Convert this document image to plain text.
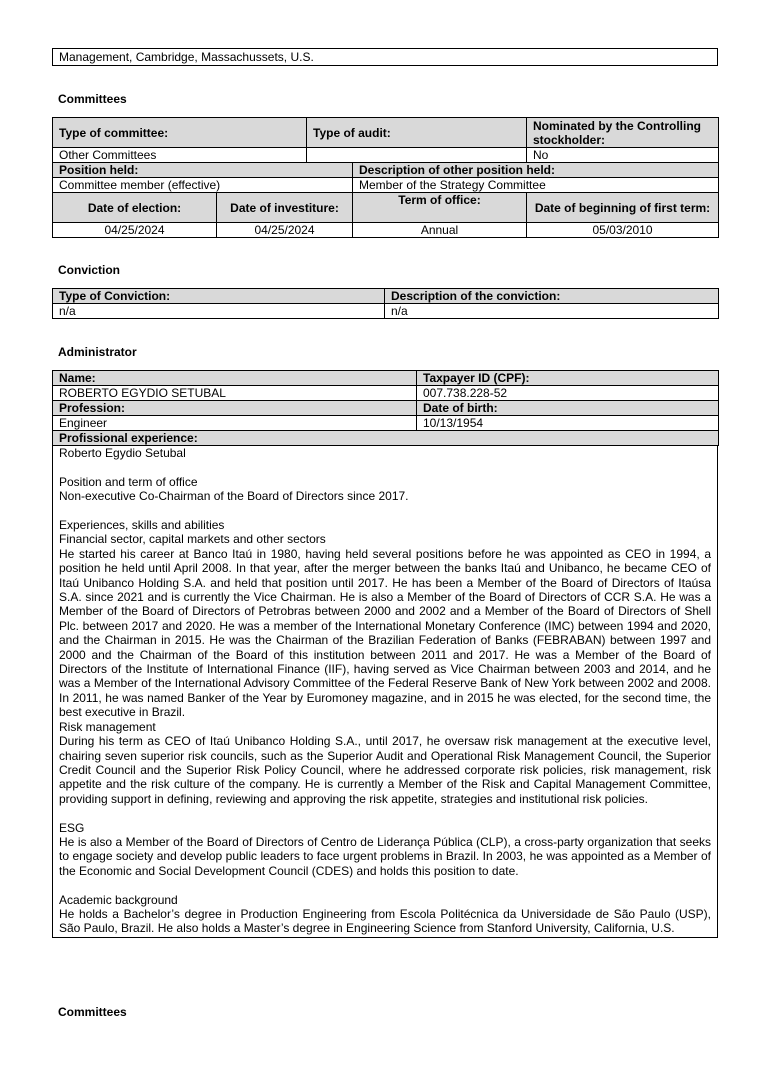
Management, Cambridge, Massachussets, U.S.
Committees
Type of committee:		Type of audit:		Nominated by the Controlling stockholder:
Other Committees				No
Position held:			Description of other position held:	
Committee member (effective)			Member of the Strategy Committee	
Date of election:	Date of investiture:		Term of office:	Date of beginning of first term:
04/25/2024	04/25/2024		Annual	05/03/2010
Conviction
Type of Conviction:	Description of the conviction:
n/a	n/a
Administrator
Name:	Taxpayer ID (CPF):
ROBERTO EGYDIO SETUBAL	007.738.228-52
Profession:	Date of birth:
Engineer	10/13/1954
Profissional experience:	

Roberto Egydio Setubal

Position and term of office

Non-executive Co-Chairman of the Board of Directors since 2017.

Experiences, skills and abilities

Financial sector, capital markets and other sectors

He started his career at Banco Itaú in 1980, having held several positions before he was appointed as CEO in 1994, a position he held until April 2008. In that year, after the merger between the banks Itaú and Unibanco, he became CEO of Itaú Unibanco Holding S.A. and held that position until 2017. He has been a Member of the Board of Directors of Itaúsa S.A. since 2021 and is currently the Vice Chairman. He is also a Member of the Board of Directors of CCR S.A. He was a Member of the Board of Directors of Petrobras between 2000 and 2002 and a Member of the Board of Directors of Shell Plc. between 2017 and 2020. He was a member of the International Monetary Conference (IMC) between 1994 and 2020, and the Chairman in 2015. He was the Chairman of the Brazilian Federation of Banks (FEBRABAN) between 1997 and 2000 and the Chairman of the Board of this institution between 2011 and 2017. He was a Member of the Board of Directors of the Institute of International Finance (IIF), having served as Vice Chairman between 2003 and 2014, and he was a Member of the International Advisory Committee of the Federal Reserve Bank of New York between 2002 and 2008. In 2011, he was named Banker of the Year by Euromoney magazine, and in 2015 he was elected, for the second time, the best executive in Brazil.

Risk management

During his term as CEO of Itaú Unibanco Holding S.A., until 2017, he oversaw risk management at the executive level, chairing seven superior risk councils, such as the Superior Audit and Operational Risk Management Council, the Superior Credit Council and the Superior Risk Policy Council, where he addressed corporate risk policies, risk management, risk appetite and the risk culture of the company. He is currently a Member of the Risk and Capital Management Committee, providing support in defining, reviewing and approving the risk appetite, strategies and institutional risk policies.

ESG

He is also a Member of the Board of Directors of Centro de Liderança Pública (CLP), a cross-party organization that seeks to engage society and develop public leaders to face urgent problems in Brazil. In 2003, he was appointed as a Member of the Economic and Social Development Council (CDES) and holds this position to date.

Academic background

He holds a Bachelor’s degree in Production Engineering from Escola Politécnica da Universidade de São Paulo (USP), São Paulo, Brazil. He also holds a Master’s degree in Engineering Science from Stanford University, California, U.S.

Committees
